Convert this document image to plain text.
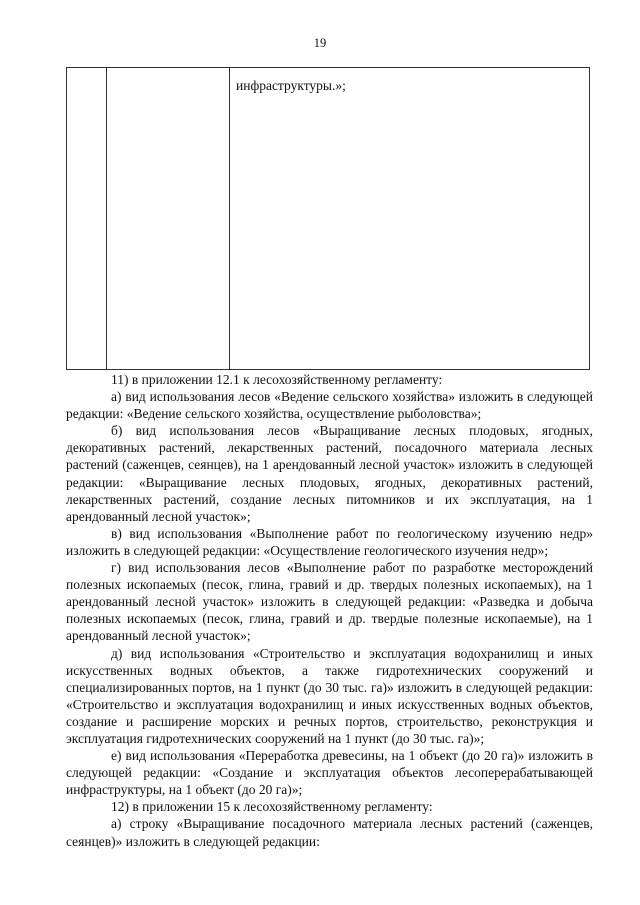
19
инфраструктуры.»;

11) в приложении 12.1 к лесохозяйственному регламенту:

а) вид использования лесов «Ведение сельского хозяйства» изложить в следующей редакции: «Ведение сельского хозяйства, осуществление рыболовства»;

б) вид использования лесов «Выращивание лесных плодовых, ягодных, декоративных растений, лекарственных растений, посадочного материала лесных растений (саженцев, сеянцев), на 1 арендованный лесной участок» изложить в следующей редакции: «Выращивание лесных плодовых, ягодных, декоративных растений, лекарственных растений, создание лесных питомников и их эксплуатация, на 1 арендованный лесной участок»;

в) вид использования «Выполнение работ по геологическому изучению недр» изложить в следующей редакции: «Осуществление геологического изучения недр»;

г) вид использования лесов «Выполнение работ по разработке месторождений полезных ископаемых (песок, глина, гравий и др. твердых полезных ископаемых), на 1 арендованный лесной участок» изложить в следующей редакции: «Разведка и добыча полезных ископаемых (песок, глина, гравий и др. твердые полезные ископаемые), на 1 арендованный лесной участок»;

д) вид использования «Строительство и эксплуатация водохранилищ и иных искусственных водных объектов, а также гидротехнических сооружений и специализированных портов, на 1 пункт (до 30 тыс. га)» изложить в следующей редакции: «Строительство и эксплуатация водохранилищ и иных искусственных водных объектов, создание и расширение морских и речных портов, строительство, реконструкция и эксплуатация гидротехнических сооружений на 1 пункт (до 30 тыс. га)»;

е) вид использования «Переработка древесины, на 1 объект (до 20 га)» изложить в следующей редакции: «Создание и эксплуатация объектов лесоперерабатывающей инфраструктуры, на 1 объект (до 20 га)»;

12) в приложении 15 к лесохозяйственному регламенту:

а) строку «Выращивание посадочного материала лесных растений (саженцев, сеянцев)» изложить в следующей редакции:
